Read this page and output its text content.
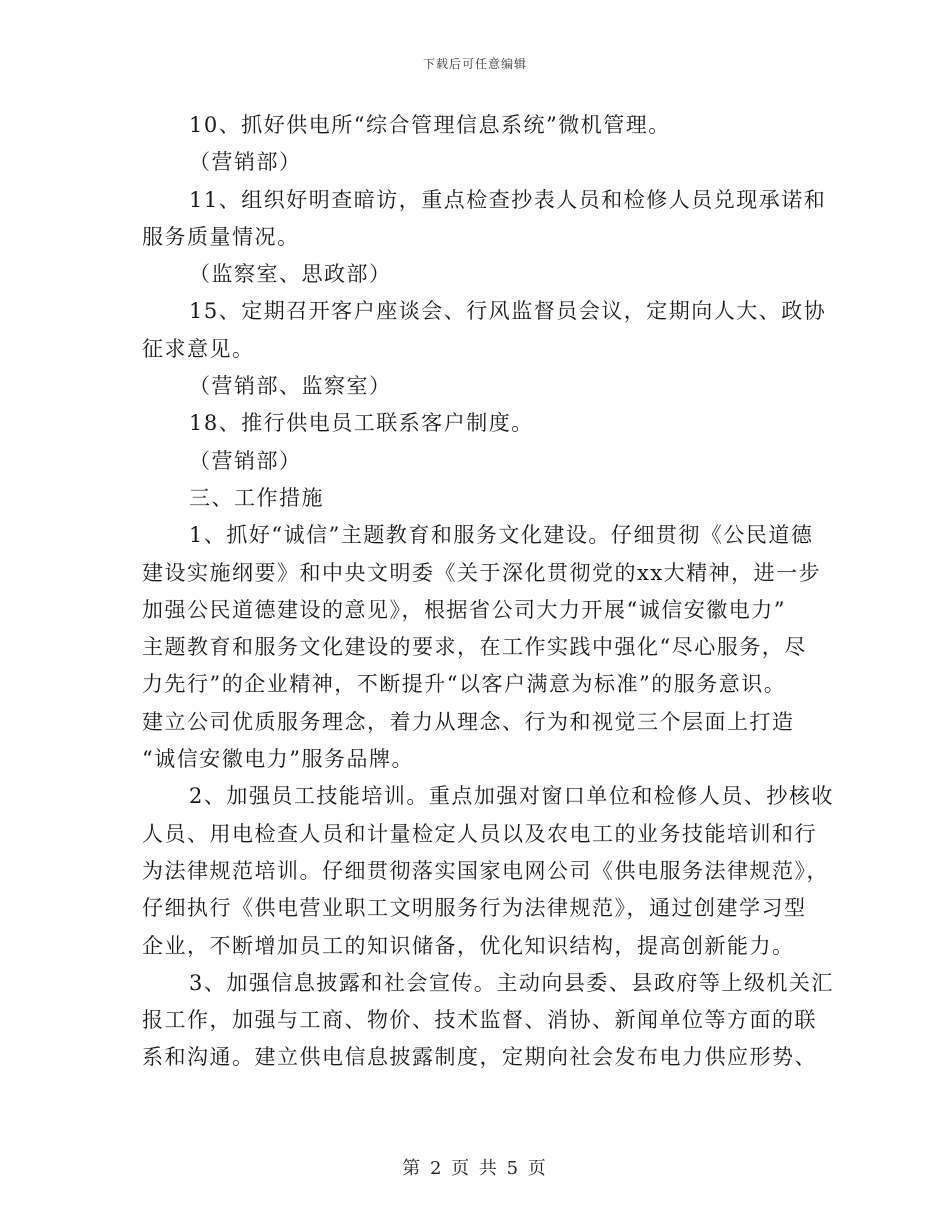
下载后可任意编辑
10、抓好供电所“综合管理信息系统”微机管理。
（营销部）
11、组织好明查暗访，重点检查抄表人员和检修人员兑现承诺和
服务质量情况。
（监察室、思政部）
15、定期召开客户座谈会、行风监督员会议，定期向人大、政协
征求意见。
（营销部、监察室）
18、推行供电员工联系客户制度。
（营销部）
三、工作措施
1、抓好“诚信”主题教育和服务文化建设。仔细贯彻《公民道德
建设实施纲要》和中央文明委《关于深化贯彻党的xx大精神，进一步
加强公民道德建设的意见》，根据省公司大力开展“诚信安徽电力”
主题教育和服务文化建设的要求，在工作实践中强化“尽心服务，尽
力先行”的企业精神，不断提升“以客户满意为标准”的服务意识。
建立公司优质服务理念，着力从理念、行为和视觉三个层面上打造
“诚信安徽电力”服务品牌。
2、加强员工技能培训。重点加强对窗口单位和检修人员、抄核收
人员、用电检查人员和计量检定人员以及农电工的业务技能培训和行
为法律规范培训。仔细贯彻落实国家电网公司《供电服务法律规范》，
仔细执行《供电营业职工文明服务行为法律规范》，通过创建学习型
企业，不断增加员工的知识储备，优化知识结构，提高创新能力。
3、加强信息披露和社会宣传。主动向县委、县政府等上级机关汇
报工作，加强与工商、物价、技术监督、消协、新闻单位等方面的联
系和沟通。建立供电信息披露制度，定期向社会发布电力供应形势、
第 2 页 共 5 页
